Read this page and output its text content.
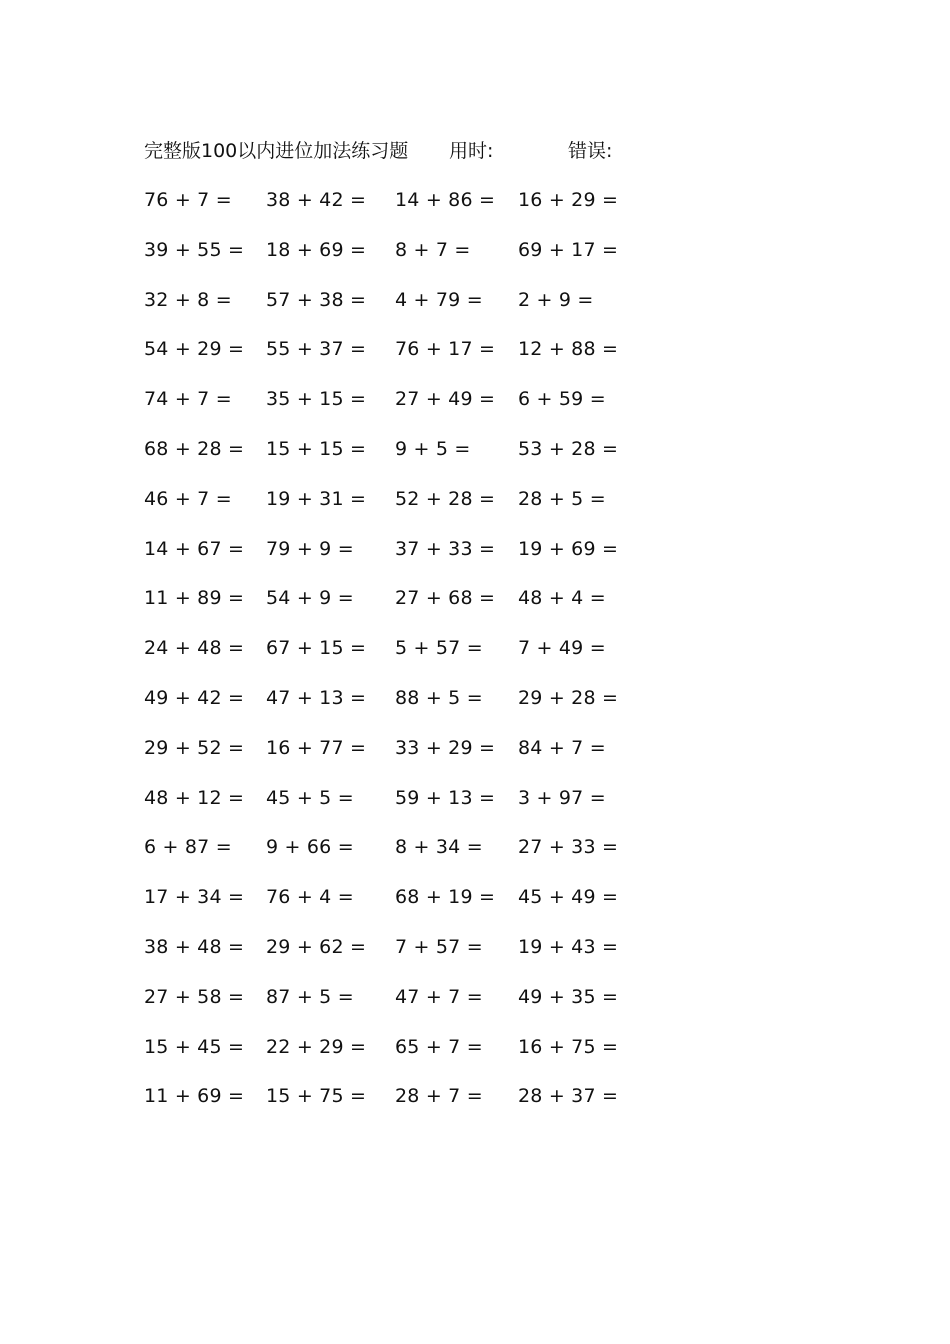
完整版100以内进位加法练习题 用时:	错误:
76 + 7 = 38 + 42 = 14 + 86 = 16 + 29 =
39 + 55 = 18 + 69 = 8 + 7 = 69 + 17 =
32 + 8 = 57 + 38 = 4 + 79 = 2 + 9 =
54 + 29 = 55 + 37 = 76 + 17 = 12 + 88 =
74 + 7 = 35 + 15 = 27 + 49 = 6 + 59 =
68 + 28 = 15 + 15 = 9 + 5 = 53 + 28 =
46 + 7 = 19 + 31 = 52 + 28 = 28 + 5 =
14 + 67 = 79 + 9 = 37 + 33 = 19 + 69 =
11 + 89 = 54 + 9 = 27 + 68 = 48 + 4 =
24 + 48 = 67 + 15 = 5 + 57 = 7 + 49 =
49 + 42 = 47 + 13 = 88 + 5 = 29 + 28 =
29 + 52 = 16 + 77 = 33 + 29 = 84 + 7 =
48 + 12 = 45 + 5 = 59 + 13 = 3 + 97 =
6 + 87 = 9 + 66 = 8 + 34 = 27 + 33 =
17 + 34 = 76 + 4 = 68 + 19 = 45 + 49 =
38 + 48 = 29 + 62 = 7 + 57 = 19 + 43 =
27 + 58 = 87 + 5 = 47 + 7 = 49 + 35 =
15 + 45 = 22 + 29 = 65 + 7 = 16 + 75 =
11 + 69 = 15 + 75 = 28 + 7 = 28 + 37 =
